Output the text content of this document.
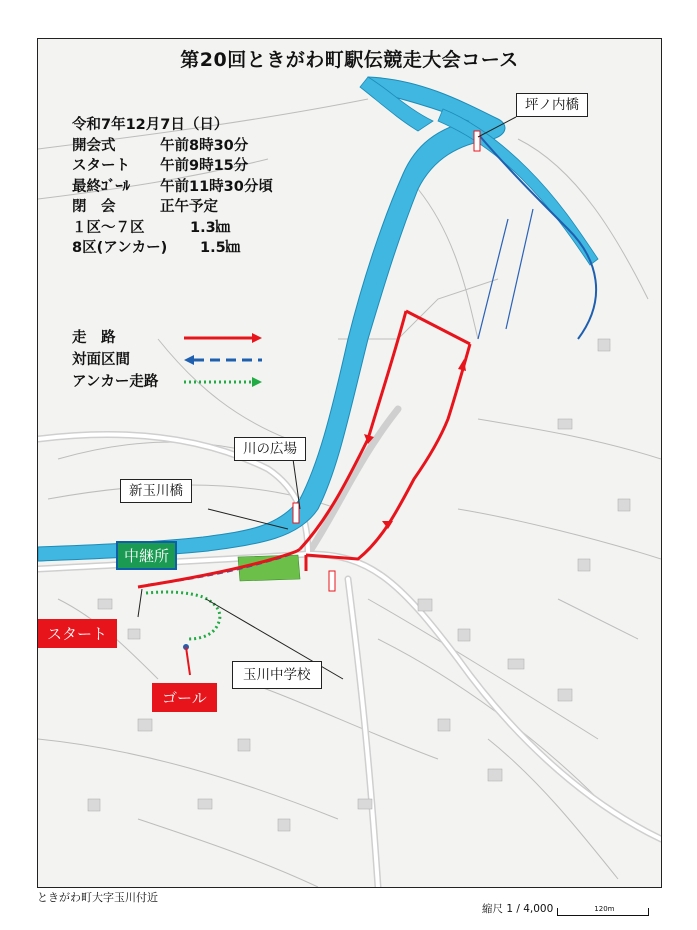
第20回ときがわ町駅伝競走大会コース
令和7年12月7日（日）
開会式	午前8時30分
スタート	午前9時15分
最終ｺﾞｰﾙ	午前11時30分頃
閉　会	正午予定
１区～７区	1.3㎞
8区(アンカー)	1.5㎞
走　路
対面区間
アンカー走路
坪ノ内橋
川の広場
新玉川橋
中継所
スタート
ゴール
玉川中学校
ときがわ町大字玉川付近
縮尺 1 / 4,000	120m
